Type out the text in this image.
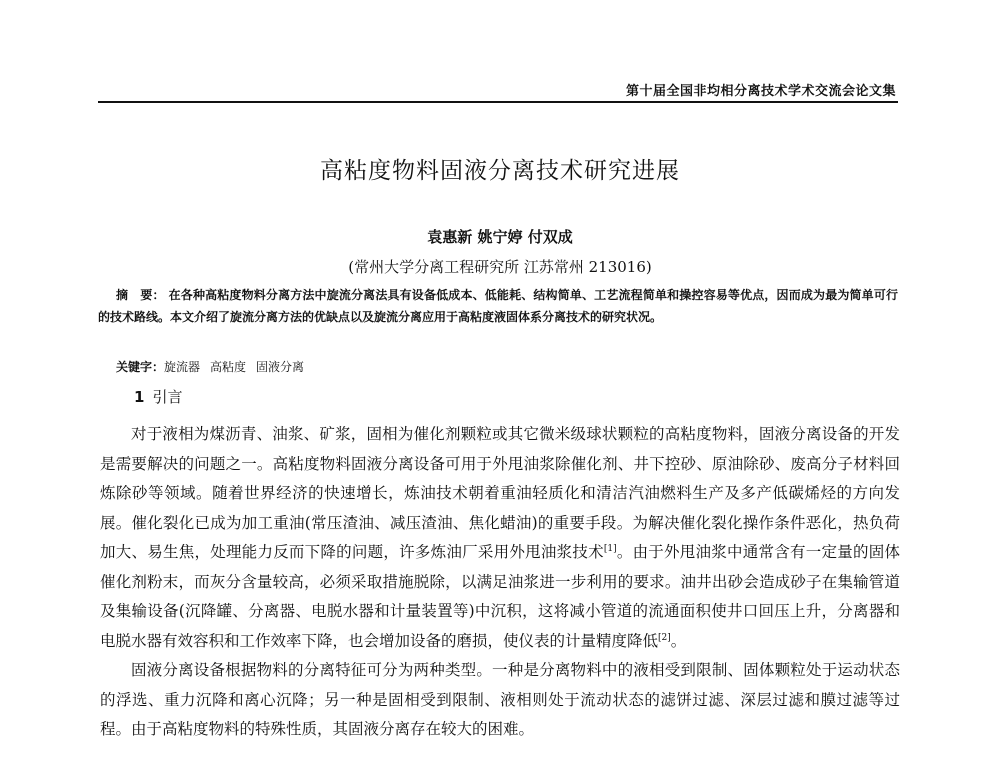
第十届全国非均相分离技术学术交流会论文集
高粘度物料固液分离技术研究进展
袁惠新 姚宁婷 付双成
(常州大学分离工程研究所 江苏常州 213016)
摘　要： 在各种高粘度物料分离方法中旋流分离法具有设备低成本、低能耗、结构简单、工艺流程简单和操控容易等优点，因而成为最为简单可行的技术路线。本文介绍了旋流分离方法的优缺点以及旋流分离应用于高粘度液固体系分离技术的研究状况。
关键字：旋流器 高粘度 固液分离
1 引言

对于液相为煤沥青、油浆、矿浆，固相为催化剂颗粒或其它微米级球状颗粒的高粘度物料，固液分离设备的开发是需要解决的问题之一。高粘度物料固液分离设备可用于外甩油浆除催化剂、井下控砂、原油除砂、废高分子材料回炼除砂等领域。随着世界经济的快速增长，炼油技术朝着重油轻质化和清洁汽油燃料生产及多产低碳烯烃的方向发展。催化裂化已成为加工重油(常压渣油、减压渣油、焦化蜡油)的重要手段。为解决催化裂化操作条件恶化，热负荷加大、易生焦，处理能力反而下降的问题，许多炼油厂采用外甩油浆技术[1]。由于外甩油浆中通常含有一定量的固体催化剂粉末，而灰分含量较高，必须采取措施脱除，以满足油浆进一步利用的要求。油井出砂会造成砂子在集输管道及集输设备(沉降罐、分离器、电脱水器和计量装置等)中沉积，这将减小管道的流通面积使井口回压上升，分离器和电脱水器有效容积和工作效率下降，也会增加设备的磨损，使仪表的计量精度降低[2]。

固液分离设备根据物料的分离特征可分为两种类型。一种是分离物料中的液相受到限制、固体颗粒处于运动状态的浮选、重力沉降和离心沉降；另一种是固相受到限制、液相则处于流动状态的滤饼过滤、深层过滤和膜过滤等过程。由于高粘度物料的特殊性质，其固液分离存在较大的困难。
